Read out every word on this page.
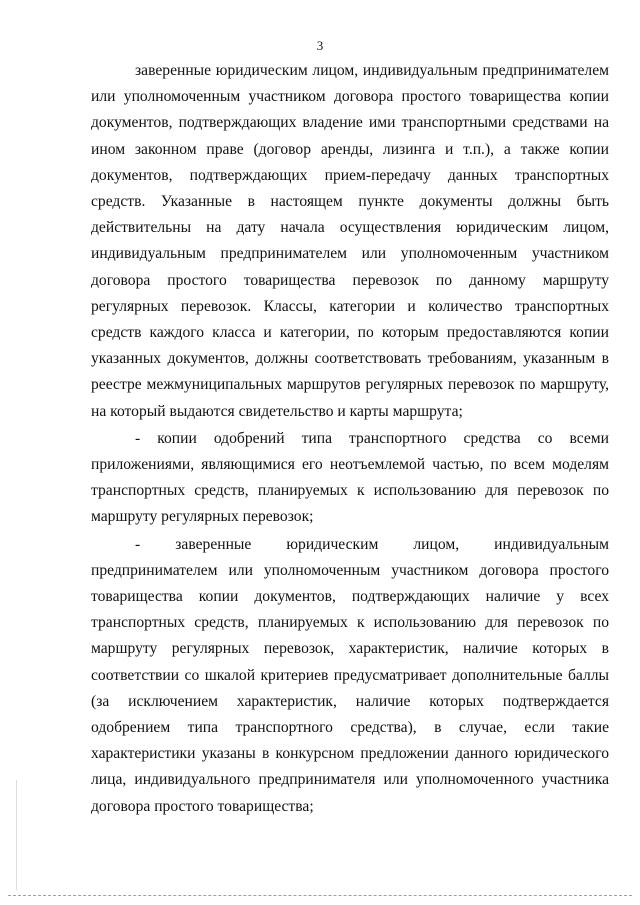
3

заверенные юридическим лицом, индивидуальным предпринимателем или уполномоченным участником договора простого товарищества копии документов, подтверждающих владение ими транспортными средствами на ином законном праве (договор аренды, лизинга и т.п.), а также копии документов, подтверждающих прием-передачу данных транспортных средств. Указанные в настоящем пункте документы должны быть действительны на дату начала осуществления юридическим лицом, индивидуальным предпринимателем или уполномоченным участником договора простого товарищества перевозок по данному маршруту регулярных перевозок. Классы, категории и количество транспортных средств каждого класса и категории, по которым предоставляются копии указанных документов, должны соответствовать требованиям, указанным в реестре межмуниципальных маршрутов регулярных перевозок по маршруту, на который выдаются свидетельство и карты маршрута;

- копии одобрений типа транспортного средства со всеми приложениями, являющимися его неотъемлемой частью, по всем моделям транспортных средств, планируемых к использованию для перевозок по маршруту регулярных перевозок;

- заверенные юридическим лицом, индивидуальным предпринимателем или уполномоченным участником договора простого товарищества копии документов, подтверждающих наличие у всех транспортных средств, планируемых к использованию для перевозок по маршруту регулярных перевозок, характеристик, наличие которых в соответствии со шкалой критериев предусматривает дополнительные баллы (за исключением характеристик, наличие которых подтверждается одобрением типа транспортного средства), в случае, если такие характеристики указаны в конкурсном предложении данного юридического лица, индивидуального предпринимателя или уполномоченного участника договора простого товарищества;
